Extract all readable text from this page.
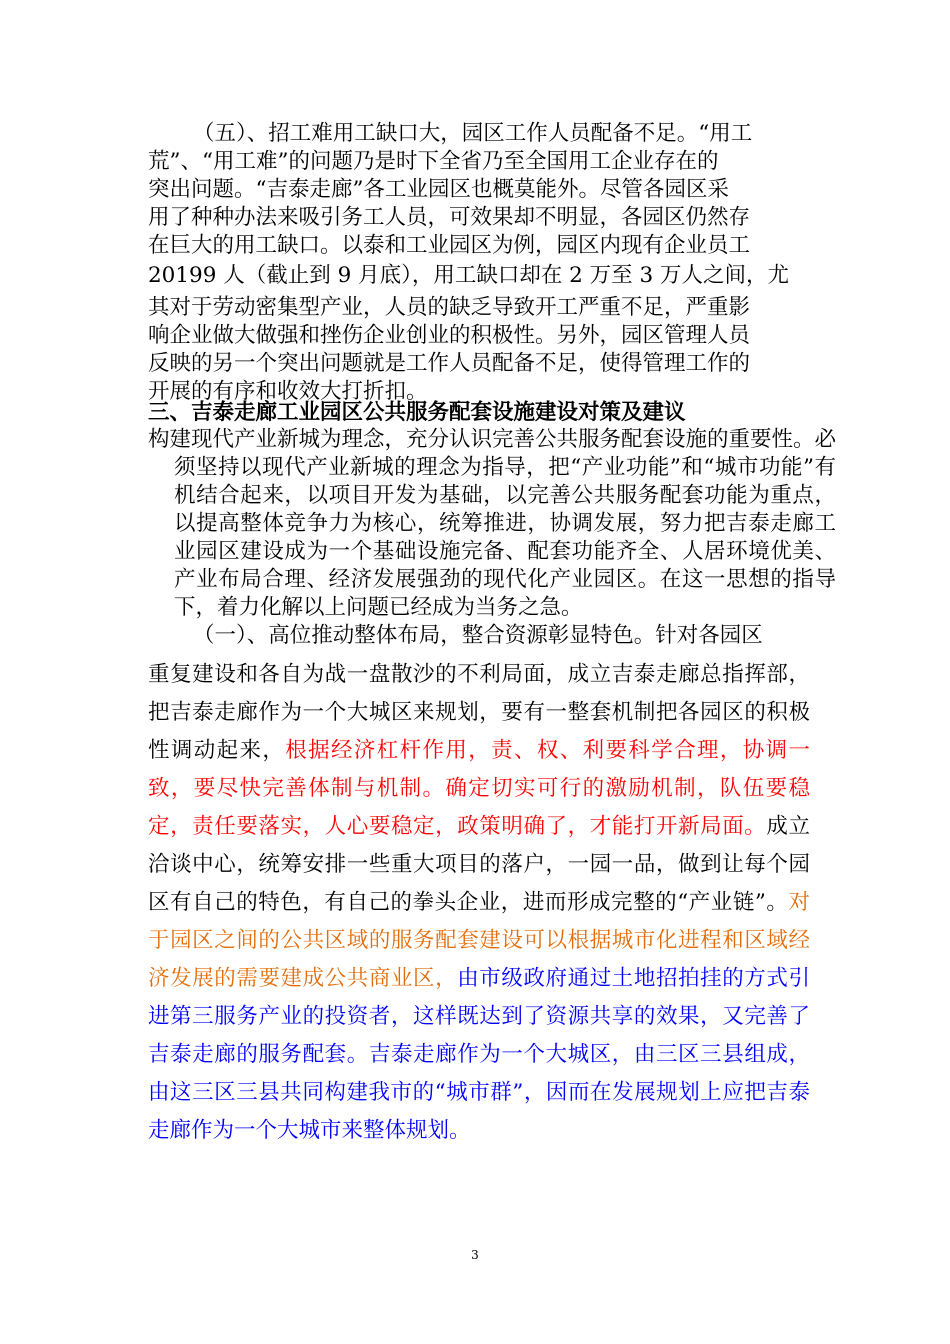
（五）、招工难用工缺口大，园区工作人员配备不足。“用工
荒”、“用工难”的问题乃是时下全省乃至全国用工企业存在的
突出问题。“吉泰走廊”各工业园区也概莫能外。尽管各园区采
用了种种办法来吸引务工人员，可效果却不明显，各园区仍然存
在巨大的用工缺口。以泰和工业园区为例，园区内现有企业员工
20199 人（截止到 9 月底），用工缺口却在 2 万至 3 万人之间，尤
其对于劳动密集型产业，人员的缺乏导致开工严重不足，严重影
响企业做大做强和挫伤企业创业的积极性。另外，园区管理人员
反映的另一个突出问题就是工作人员配备不足，使得管理工作的
开展的有序和收效大打折扣。
三、吉泰走廊工业园区公共服务配套设施建设对策及建议

构建现代产业新城为理念，充分认识完善公共服务配套设施的重要性。必须坚持以现代产业新城的理念为指导，把“产业功能”和“城市功能”有机结合起来，以项目开发为基础，以完善公共服务配套功能为重点，以提高整体竞争力为核心，统筹推进，协调发展，努力把吉泰走廊工业园区建设成为一个基础设施完备、配套功能齐全、人居环境优美、产业布局合理、经济发展强劲的现代化产业园区。在这一思想的指导下，着力化解以上问题已经成为当务之急。

（一）、高位推动整体布局，整合资源彰显特色。针对各园区

重复建设和各自为战一盘散沙的不利局面，成立吉泰走廊总指挥部，把吉泰走廊作为一个大城区来规划，要有一整套机制把各园区的积极性调动起来，根据经济杠杆作用，责、权、利要科学合理，协调一致，要尽快完善体制与机制。确定切实可行的激励机制，队伍要稳定，责任要落实，人心要稳定，政策明确了，才能打开新局面。成立洽谈中心，统筹安排一些重大项目的落户，一园一品，做到让每个园区有自己的特色，有自己的拳头企业，进而形成完整的“产业链”。对于园区之间的公共区域的服务配套建设可以根据城市化进程和区域经济发展的需要建成公共商业区，由市级政府通过土地招拍挂的方式引进第三服务产业的投资者，这样既达到了资源共享的效果，又完善了吉泰走廊的服务配套。吉泰走廊作为一个大城区，由三区三县组成，由这三区三县共同构建我市的“城市群”，因而在发展规划上应把吉泰走廊作为一个大城市来整体规划。

3
